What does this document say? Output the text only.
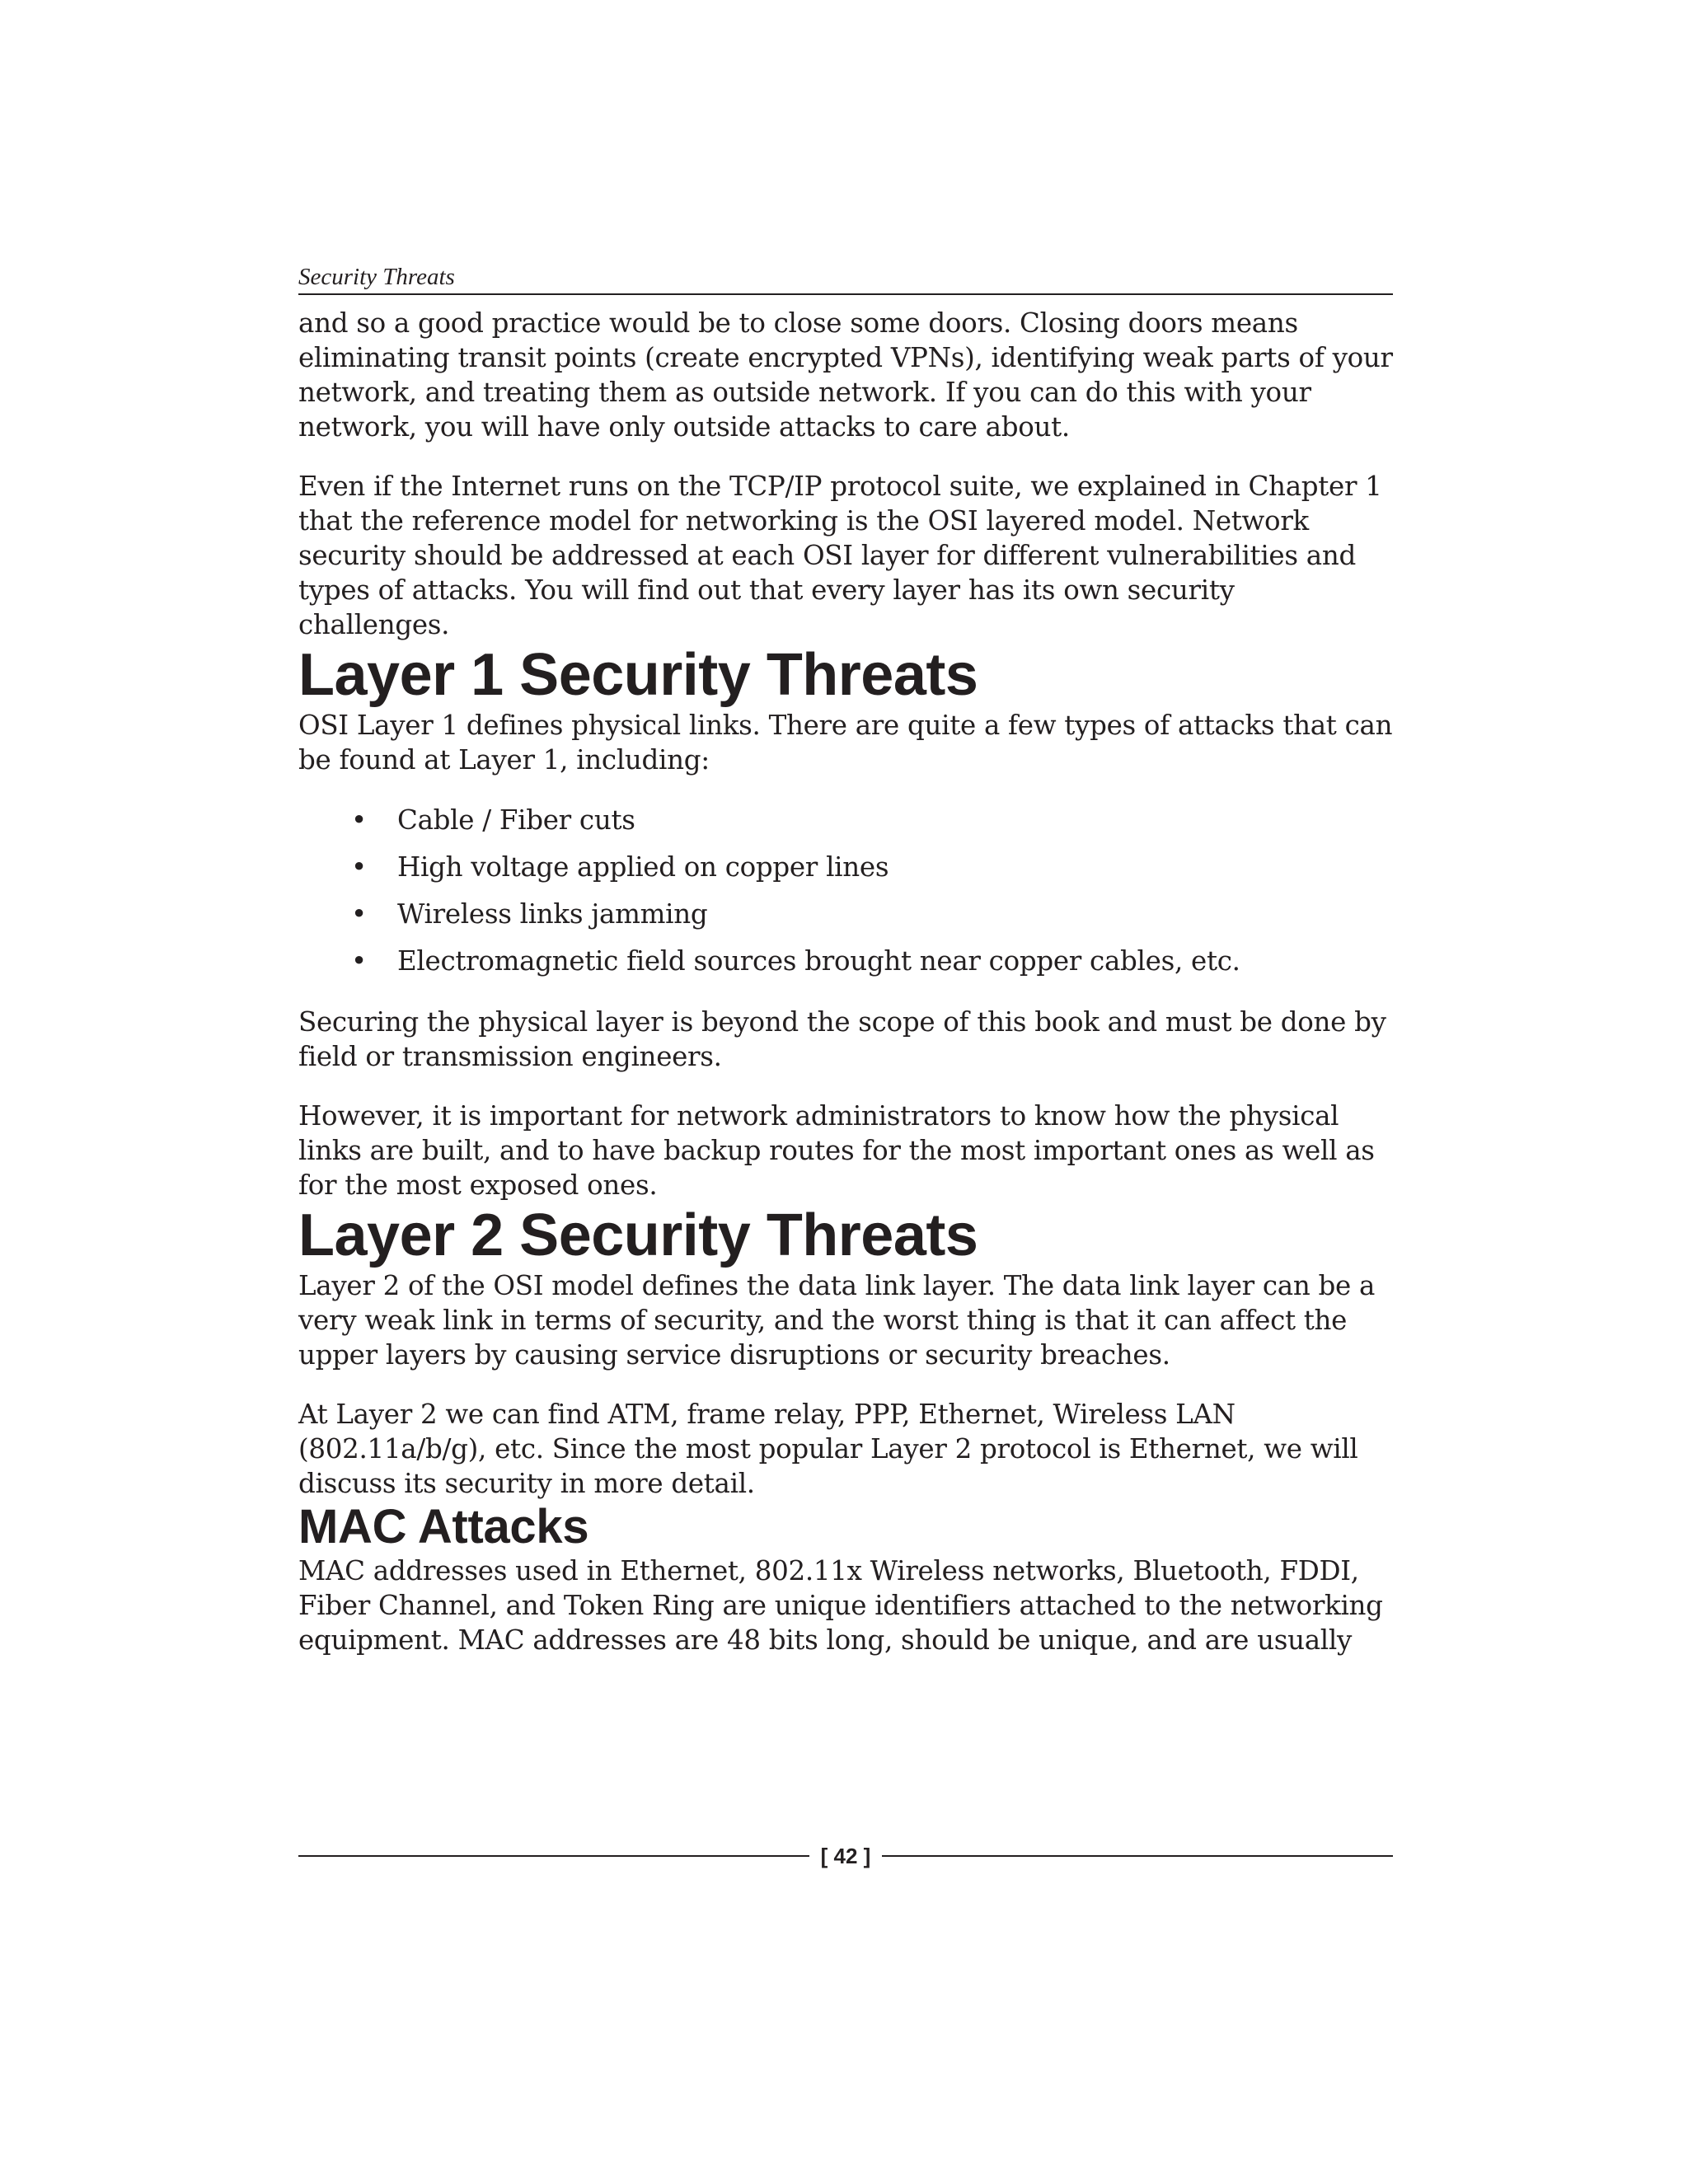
Security Threats

and so a good practice would be to close some doors. Closing doors means eliminating transit points (create encrypted VPNs), identifying weak parts of your network, and treating them as outside network. If you can do this with your network, you will have only outside attacks to care about.

Even if the Internet runs on the TCP/IP protocol suite, we explained in Chapter 1 that the reference model for networking is the OSI layered model. Network security should be addressed at each OSI layer for different vulnerabilities and types of attacks. You will find out that every layer has its own security challenges.

Layer 1 Security Threats

OSI Layer 1 defines physical links. There are quite a few types of attacks that can be found at Layer 1, including:

• Cable / Fiber cuts
• High voltage applied on copper lines
• Wireless links jamming
• Electromagnetic field sources brought near copper cables, etc.

Securing the physical layer is beyond the scope of this book and must be done by field or transmission engineers.

However, it is important for network administrators to know how the physical links are built, and to have backup routes for the most important ones as well as for the most exposed ones.

Layer 2 Security Threats

Layer 2 of the OSI model defines the data link layer. The data link layer can be a very weak link in terms of security, and the worst thing is that it can affect the upper layers by causing service disruptions or security breaches.

At Layer 2 we can find ATM, frame relay, PPP, Ethernet, Wireless LAN (802.11a/b/g), etc. Since the most popular Layer 2 protocol is Ethernet, we will discuss its security in more detail.

MAC Attacks

MAC addresses used in Ethernet, 802.11x Wireless networks, Bluetooth, FDDI, Fiber Channel, and Token Ring are unique identifiers attached to the networking equipment. MAC addresses are 48 bits long, should be unique, and are usually

[ 42 ]
